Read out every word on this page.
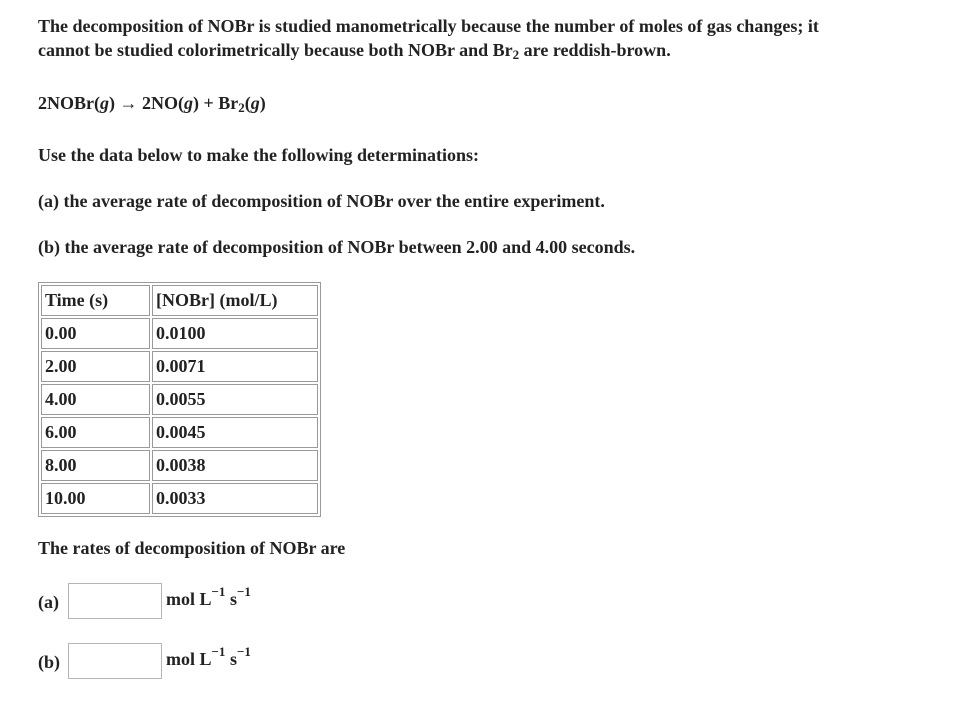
The decomposition of NOBr is studied manometrically because the number of moles of gas changes; it
cannot be studied colorimetrically because both NOBr and $Br_2$ are reddish-brown.
2NOBr(g) → $2NO(g) + Br_2(g)$
Use the data below to make the following determinations:
(a) the average rate of decomposition of NOBr over the entire experiment.
(b) the average rate of decomposition of NOBr between 2.00 and 4.00 seconds.
Time (s)	[NOBr] (mol/L)
0.00	0.0100
2.00	0.0071
4.00	0.0055
6.00	0.0045
8.00	0.0038
10.00	0.0033
The rates of decomposition of NOBr are
(a)	mol $L^{-1}$ $s^{-1}$
(b)	mol $L^{-1}$ $s^{-1}$
